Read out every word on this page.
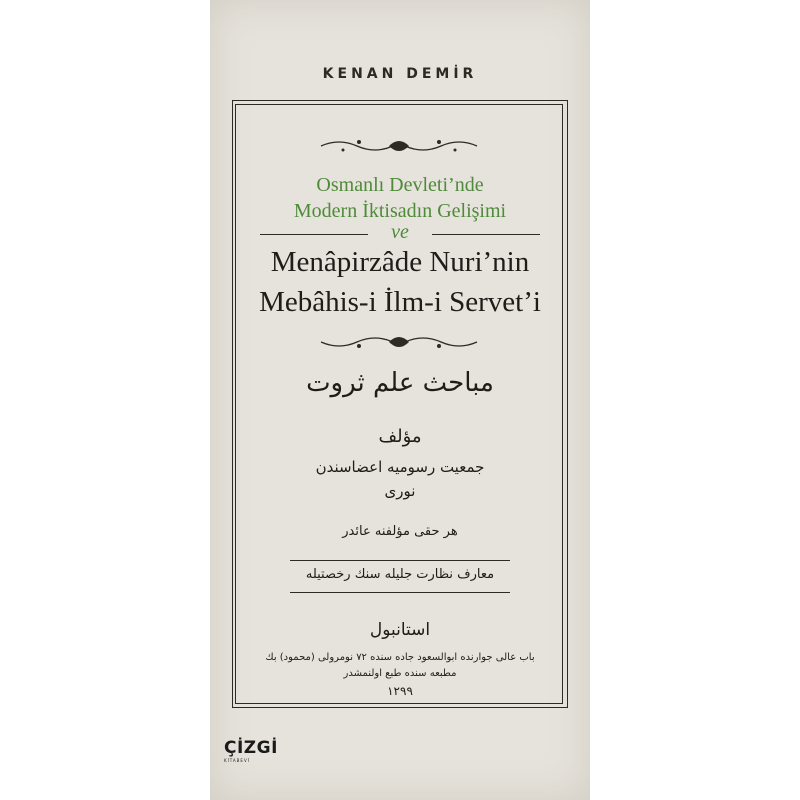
KENAN DEMİR
Osmanlı Devleti’nde
Modern İktisadın Gelişimi
ve
Menâpirzâde Nuri’nin
Mebâhis-i İlm-i Servet’i
مباحث علم ثروت
مؤلف
جمعيت رسوميه اعضاسندن
نوری
هر حقی مؤلفنه عائدر
معارف نظارت جليله سنك رخصتيله
استانبول
باب عالی جوارنده ابوالسعود جاده سنده ٧٢ نومرولی (محمود) بك
مطبعه سنده طبع اولنمشدر
١٢٩٩
ÇİZGİ
KİTABEVİ
